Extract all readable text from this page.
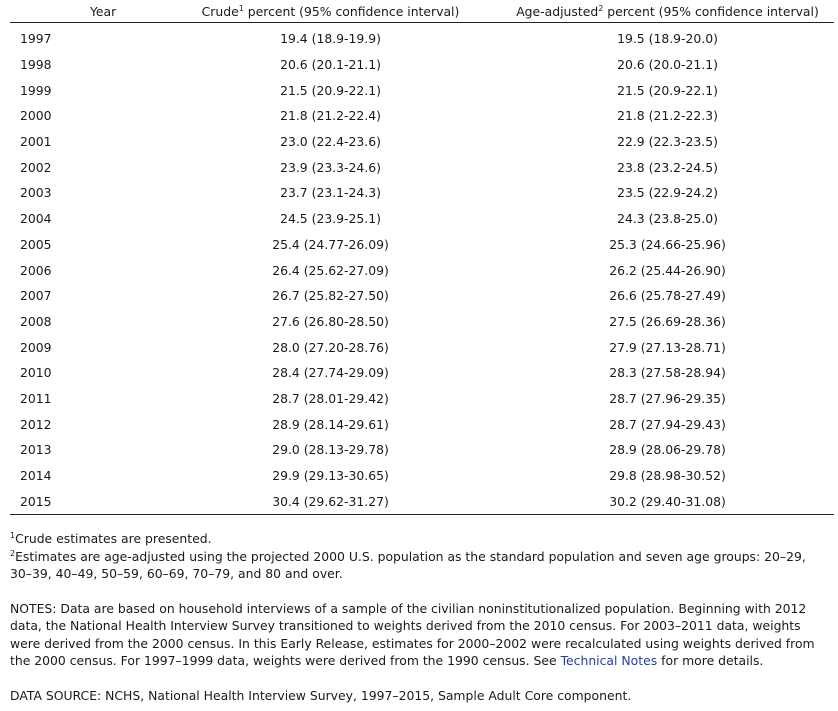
Year	Crude$^1$ percent (95% confidence interval)	Age-adjusted$^2$ percent (95% confidence interval)
1997	19.4 (18.9-19.9)	19.5 (18.9-20.0)
1998	20.6 (20.1-21.1)	20.6 (20.0-21.1)
1999	21.5 (20.9-22.1)	21.5 (20.9-22.1)
2000	21.8 (21.2-22.4)	21.8 (21.2-22.3)
2001	23.0 (22.4-23.6)	22.9 (22.3-23.5)
2002	23.9 (23.3-24.6)	23.8 (23.2-24.5)
2003	23.7 (23.1-24.3)	23.5 (22.9-24.2)
2004	24.5 (23.9-25.1)	24.3 (23.8-25.0)
2005	25.4 (24.77-26.09)	25.3 (24.66-25.96)
2006	26.4 (25.62-27.09)	26.2 (25.44-26.90)
2007	26.7 (25.82-27.50)	26.6 (25.78-27.49)
2008	27.6 (26.80-28.50)	27.5 (26.69-28.36)
2009	28.0 (27.20-28.76)	27.9 (27.13-28.71)
2010	28.4 (27.74-29.09)	28.3 (27.58-28.94)
2011	28.7 (28.01-29.42)	28.7 (27.96-29.35)
2012	28.9 (28.14-29.61)	28.7 (27.94-29.43)
2013	29.0 (28.13-29.78)	28.9 (28.06-29.78)
2014	29.9 (29.13-30.65)	29.8 (28.98-30.52)
2015	30.4 (29.62-31.27)	30.2 (29.40-31.08)

$^1$Crude estimates are presented.

$^2$Estimates are age-adjusted using the projected 2000 U.S. population as the standard population and seven age groups: 20–29, 30–39, 40–49, 50–59, 60–69, 70–79, and 80 and over.

NOTES: Data are based on household interviews of a sample of the civilian noninstitutionalized population. Beginning with 2012 data, the National Health Interview Survey transitioned to weights derived from the 2010 census. For 2003–2011 data, weights were derived from the 2000 census. In this Early Release, estimates for 2000–2002 were recalculated using weights derived from the 2000 census. For 1997–1999 data, weights were derived from the 1990 census. See Technical Notes for more details.

DATA SOURCE: NCHS, National Health Interview Survey, 1997–2015, Sample Adult Core component.
